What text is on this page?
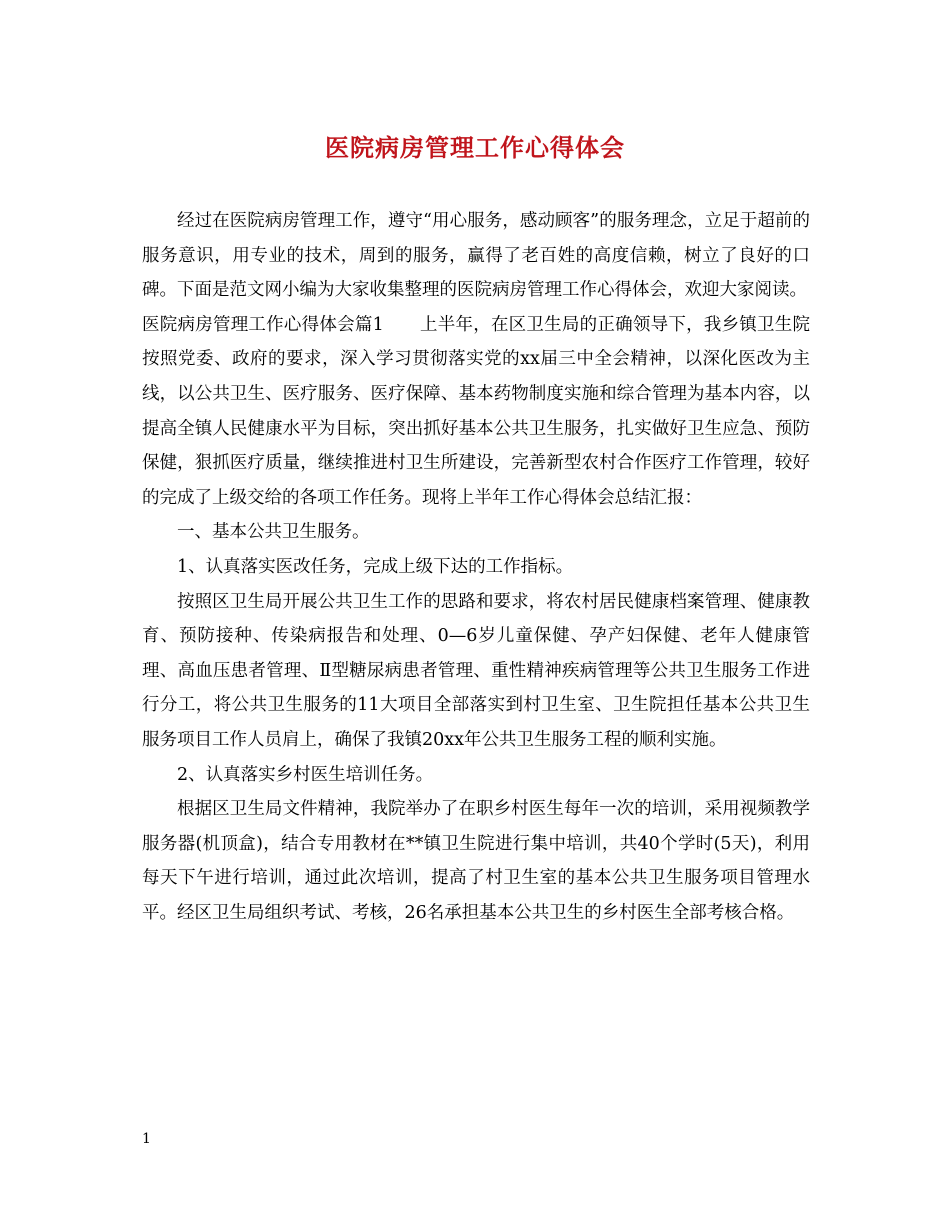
医院病房管理工作心得体会

经过在医院病房管理工作，遵守“用心服务，感动顾客”的服务理念，立足于超前的服务意识，用专业的技术，周到的服务，赢得了老百姓的高度信赖，树立了良好的口碑。下面是范文网小编为大家收集整理的医院病房管理工作心得体会，欢迎大家阅读。

医院病房管理工作心得体会篇1 上半年，在区卫生局的正确领导下，我乡镇卫生院按照党委、政府的要求，深入学习贯彻落实党的xx届三中全会精神，以深化医改为主线，以公共卫生、医疗服务、医疗保障、基本药物制度实施和综合管理为基本内容，以提高全镇人民健康水平为目标，突出抓好基本公共卫生服务，扎实做好卫生应急、预防保健，狠抓医疗质量，继续推进村卫生所建设，完善新型农村合作医疗工作管理，较好的完成了上级交给的各项工作任务。现将上半年工作心得体会总结汇报：

一、基本公共卫生服务。

1、认真落实医改任务，完成上级下达的工作指标。

按照区卫生局开展公共卫生工作的思路和要求，将农村居民健康档案管理、健康教育、预防接种、传染病报告和处理、0—6岁儿童保健、孕产妇保健、老年人健康管理、高血压患者管理、Ⅱ型糖尿病患者管理、重性精神疾病管理等公共卫生服务工作进行分工，将公共卫生服务的11大项目全部落实到村卫生室、卫生院担任基本公共卫生服务项目工作人员肩上，确保了我镇20xx年公共卫生服务工程的顺利实施。

2、认真落实乡村医生培训任务。

根据区卫生局文件精神，我院举办了在职乡村医生每年一次的培训，采用视频教学服务器(机顶盒)，结合专用教材在**镇卫生院进行集中培训，共40个学时(5天)，利用每天下午进行培训，通过此次培训，提高了村卫生室的基本公共卫生服务项目管理水平。经区卫生局组织考试、考核，26名承担基本公共卫生的乡村医生全部考核合格。

1
